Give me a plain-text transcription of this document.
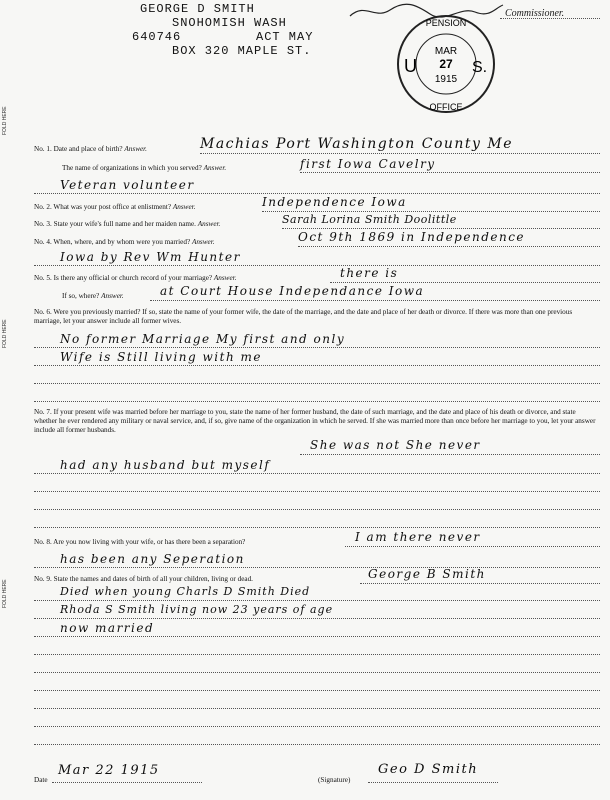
GEORGE D SMITH
SNOHOMISH WASH
640746	ACT MAY
BOX 320 MAPLE ST.
Commissioner.
PENSION
OFFICE
U	S.
MAR
27
1915
FOLD HERE
FOLD HERE
FOLD HERE
No. 1. Date and place of birth? Answer.	Machias Port Washington County Me
The name of organizations in which you served? Answer.	first Iowa Cavelry
Veteran volunteer
No. 2. What was your post office at enlistment? Answer.	Independence Iowa
No. 3. State your wife's full name and her maiden name. Answer.	Sarah Lorina Smith Doolittle
No. 4. When, where, and by whom were you married? Answer.	Oct 9th 1869 in Independence
Iowa by Rev Wm Hunter
No. 5. Is there any official or church record of your marriage? Answer.	there is
If so, where? Answer.	at Court House Independance Iowa
No. 6. Were you previously married? If so, state the name of your former wife, the date of the marriage, and the date and place of her death or divorce. If there was more than one previous marriage, let your answer include all former wives.
No former Marriage My first and only
Wife is Still living with me
No. 7. If your present wife was married before her marriage to you, state the name of her former husband, the date of such marriage, and the date and place of his death or divorce, and state whether he ever rendered any military or naval service, and, if so, give name of the organization in which he served. If she was married more than once before her marriage to you, let your answer include all former husbands.
She was not She never
had any husband but myself
No. 8. Are you now living with your wife, or has there been a separation?	I am there never
has been any Seperation
No. 9. State the names and dates of birth of all your children, living or dead.	George B Smith
Died when young Charls D Smith Died
Rhoda S Smith living now 23 years of age
now married
Date
Mar 22 1915
(Signature)
Geo D Smith
